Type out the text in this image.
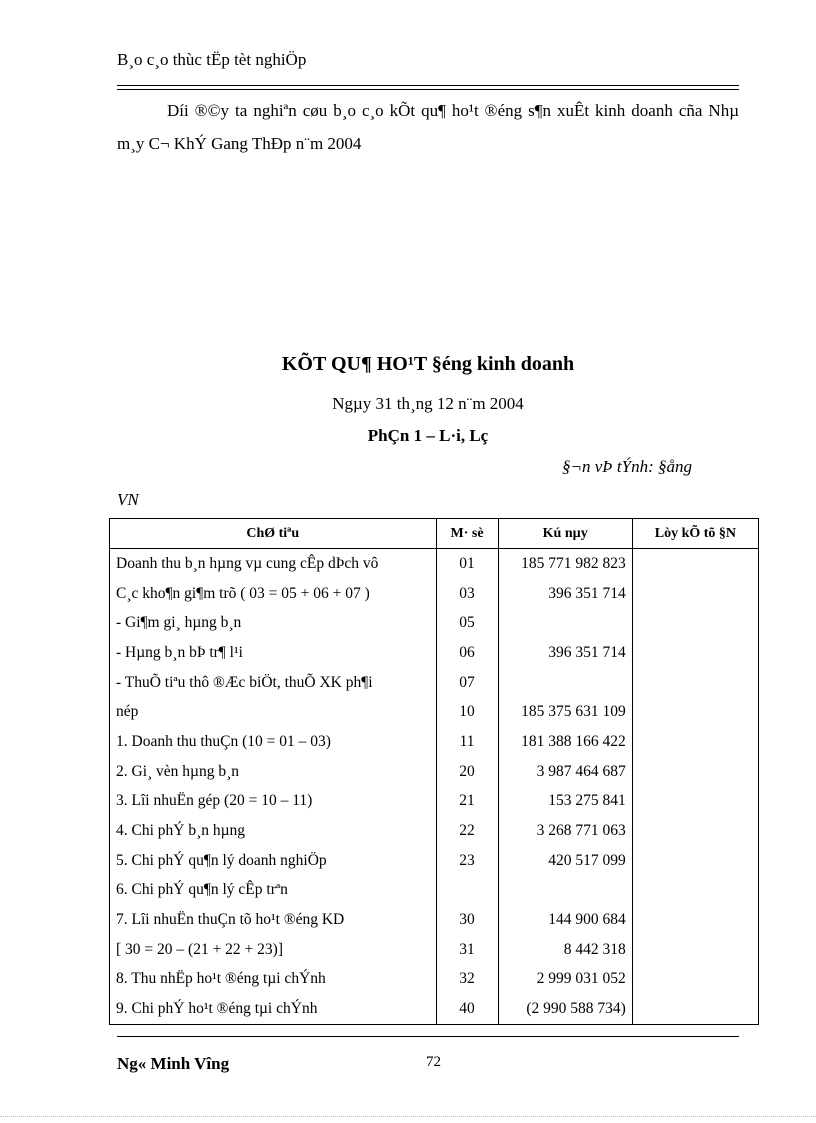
B¸o c¸o thùc tËp tèt nghiÖp
Díi ®©y ta nghiªn cøu b¸o c¸o kÕt qu¶ ho¹t ®éng s¶n xuÊt kinh doanh cña Nhµ m¸y C¬ KhÝ Gang ThÐp n¨m 2004
KÕT QU¶ HO¹T §éng kinh doanh
Ngµy 31 th¸ng 12 n¨m 2004
PhÇn 1 – L·i, Lç
§¬n vÞ tÝnh: §ång
VN
ChØ tiªu	M· sè	Kú nµy	Lòy kÕ tõ §N
Doanh thu b¸n hµng vµ cung cÊp dÞch vô	01	185 771 982 823	
C¸c kho¶n gi¶m trõ ( 03 = 05 + 06 + 07 )	03	396 351 714	
- Gi¶m gi¸ hµng b¸n	05		
- Hµng b¸n bÞ tr¶ l¹i	06	396 351 714	
- ThuÕ tiªu thô ®Æc biÖt, thuÕ XK ph¶i	07		
nép	10	185 375 631 109	
1. Doanh thu thuÇn (10 = 01 – 03)	11	181 388 166 422	
2. Gi¸ vèn hµng b¸n	20	3 987 464 687	
3. Lîi nhuËn gép (20 = 10 – 11)	21	153 275 841	
4. Chi phÝ b¸n hµng	22	3 268 771 063	
5. Chi phÝ qu¶n lý doanh nghiÖp	23	420 517 099	
6. Chi phÝ qu¶n lý cÊp trªn			
7. Lîi nhuËn thuÇn tõ ho¹t ®éng KD	30	144 900 684	
[ 30 = 20 – (21 + 22 + 23)]	31	8 442 318	
8. Thu nhËp ho¹t ®éng tµi chÝnh	32	2 999 031 052	
9. Chi phÝ ho¹t ®éng tµi chÝnh	40	(2 990 588 734)	
Ng« Minh Vîng	72
